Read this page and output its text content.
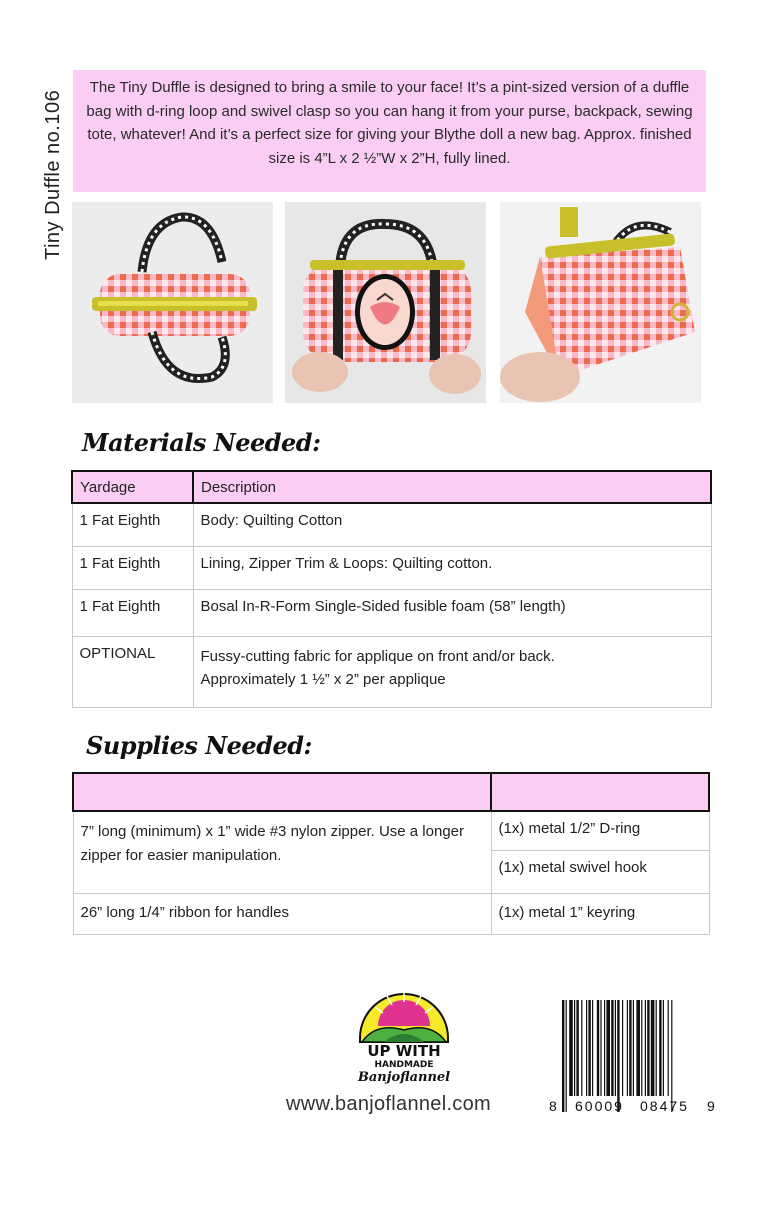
Tiny Duffle no.106
The Tiny Duffle is designed to bring a smile to your face! It’s a pint-sized version of a duffle bag with d-ring loop and swivel clasp so you can hang it from your purse, backpack, sewing tote, whatever! And it’s a perfect size for giving your Blythe doll a new bag. Approx. finished size is 4”L x 2 ½”W x 2”H, fully lined.
Materials Needed:
Yardage	Description
1 Fat Eighth	Body: Quilting Cotton
1 Fat Eighth	Lining, Zipper Trim & Loops: Quilting cotton.
1 Fat Eighth	Bosal In-R-Form Single-Sided fusible foam (58” length)
OPTIONAL	Fussy-cutting fabric for applique on front and/or back.
Approximately 1 ½” x 2” per applique
Supplies Needed:

7” long (minimum) x 1” wide #3 nylon zipper. Use a longer zipper for easier manipulation.	(1x) metal 1/2” D-ring
	(1x) metal swivel hook
26” long 1/4” ribbon for handles	(1x) metal 1” keyring
UP WITH
HANDMADE
Banjoflannel
www.banjoflannel.com	8 60009 08475 9
